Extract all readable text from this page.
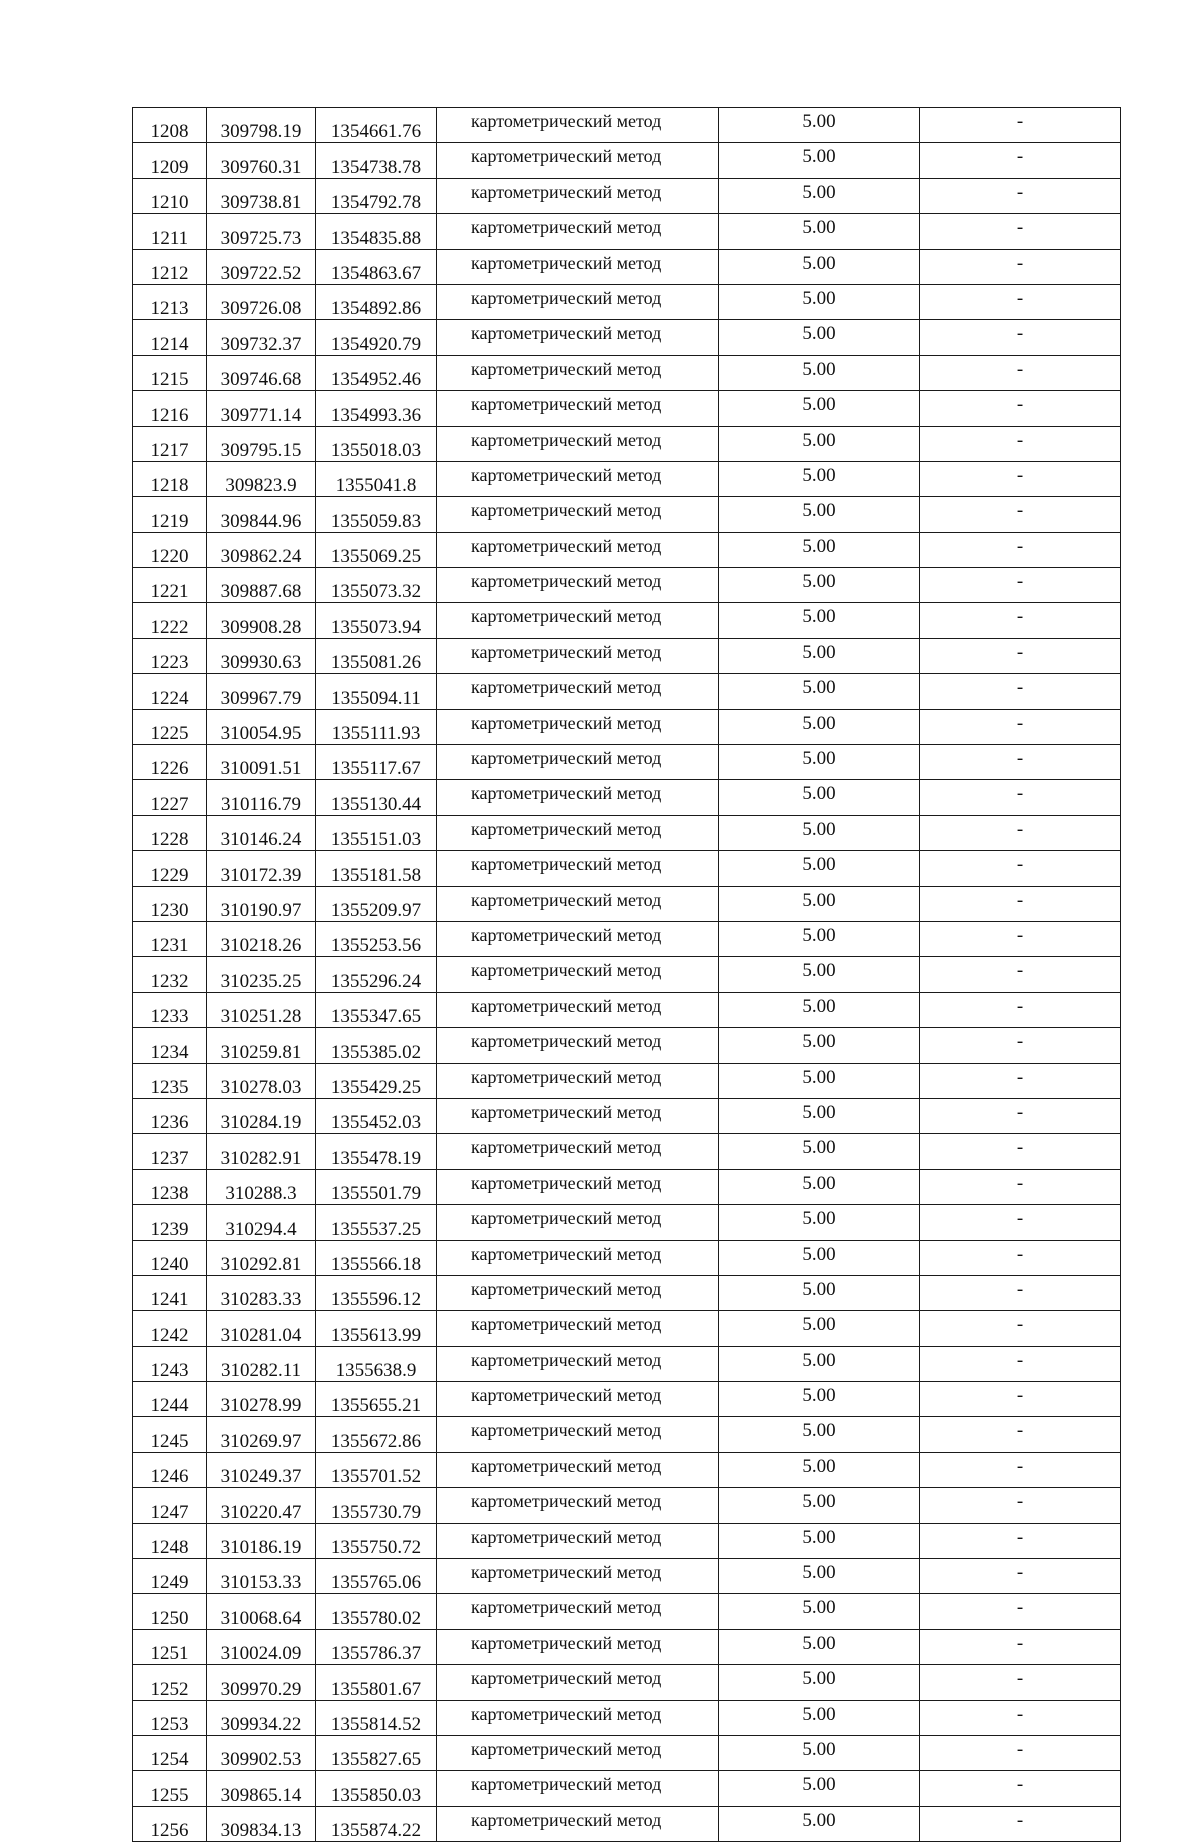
1208	309798.19	1354661.76	картометрический метод	5.00	-
1209	309760.31	1354738.78	картометрический метод	5.00	-
1210	309738.81	1354792.78	картометрический метод	5.00	-
1211	309725.73	1354835.88	картометрический метод	5.00	-
1212	309722.52	1354863.67	картометрический метод	5.00	-
1213	309726.08	1354892.86	картометрический метод	5.00	-
1214	309732.37	1354920.79	картометрический метод	5.00	-
1215	309746.68	1354952.46	картометрический метод	5.00	-
1216	309771.14	1354993.36	картометрический метод	5.00	-
1217	309795.15	1355018.03	картометрический метод	5.00	-
1218	309823.9	1355041.8	картометрический метод	5.00	-
1219	309844.96	1355059.83	картометрический метод	5.00	-
1220	309862.24	1355069.25	картометрический метод	5.00	-
1221	309887.68	1355073.32	картометрический метод	5.00	-
1222	309908.28	1355073.94	картометрический метод	5.00	-
1223	309930.63	1355081.26	картометрический метод	5.00	-
1224	309967.79	1355094.11	картометрический метод	5.00	-
1225	310054.95	1355111.93	картометрический метод	5.00	-
1226	310091.51	1355117.67	картометрический метод	5.00	-
1227	310116.79	1355130.44	картометрический метод	5.00	-
1228	310146.24	1355151.03	картометрический метод	5.00	-
1229	310172.39	1355181.58	картометрический метод	5.00	-
1230	310190.97	1355209.97	картометрический метод	5.00	-
1231	310218.26	1355253.56	картометрический метод	5.00	-
1232	310235.25	1355296.24	картометрический метод	5.00	-
1233	310251.28	1355347.65	картометрический метод	5.00	-
1234	310259.81	1355385.02	картометрический метод	5.00	-
1235	310278.03	1355429.25	картометрический метод	5.00	-
1236	310284.19	1355452.03	картометрический метод	5.00	-
1237	310282.91	1355478.19	картометрический метод	5.00	-
1238	310288.3	1355501.79	картометрический метод	5.00	-
1239	310294.4	1355537.25	картометрический метод	5.00	-
1240	310292.81	1355566.18	картометрический метод	5.00	-
1241	310283.33	1355596.12	картометрический метод	5.00	-
1242	310281.04	1355613.99	картометрический метод	5.00	-
1243	310282.11	1355638.9	картометрический метод	5.00	-
1244	310278.99	1355655.21	картометрический метод	5.00	-
1245	310269.97	1355672.86	картометрический метод	5.00	-
1246	310249.37	1355701.52	картометрический метод	5.00	-
1247	310220.47	1355730.79	картометрический метод	5.00	-
1248	310186.19	1355750.72	картометрический метод	5.00	-
1249	310153.33	1355765.06	картометрический метод	5.00	-
1250	310068.64	1355780.02	картометрический метод	5.00	-
1251	310024.09	1355786.37	картометрический метод	5.00	-
1252	309970.29	1355801.67	картометрический метод	5.00	-
1253	309934.22	1355814.52	картометрический метод	5.00	-
1254	309902.53	1355827.65	картометрический метод	5.00	-
1255	309865.14	1355850.03	картометрический метод	5.00	-
1256	309834.13	1355874.22	картометрический метод	5.00	-
